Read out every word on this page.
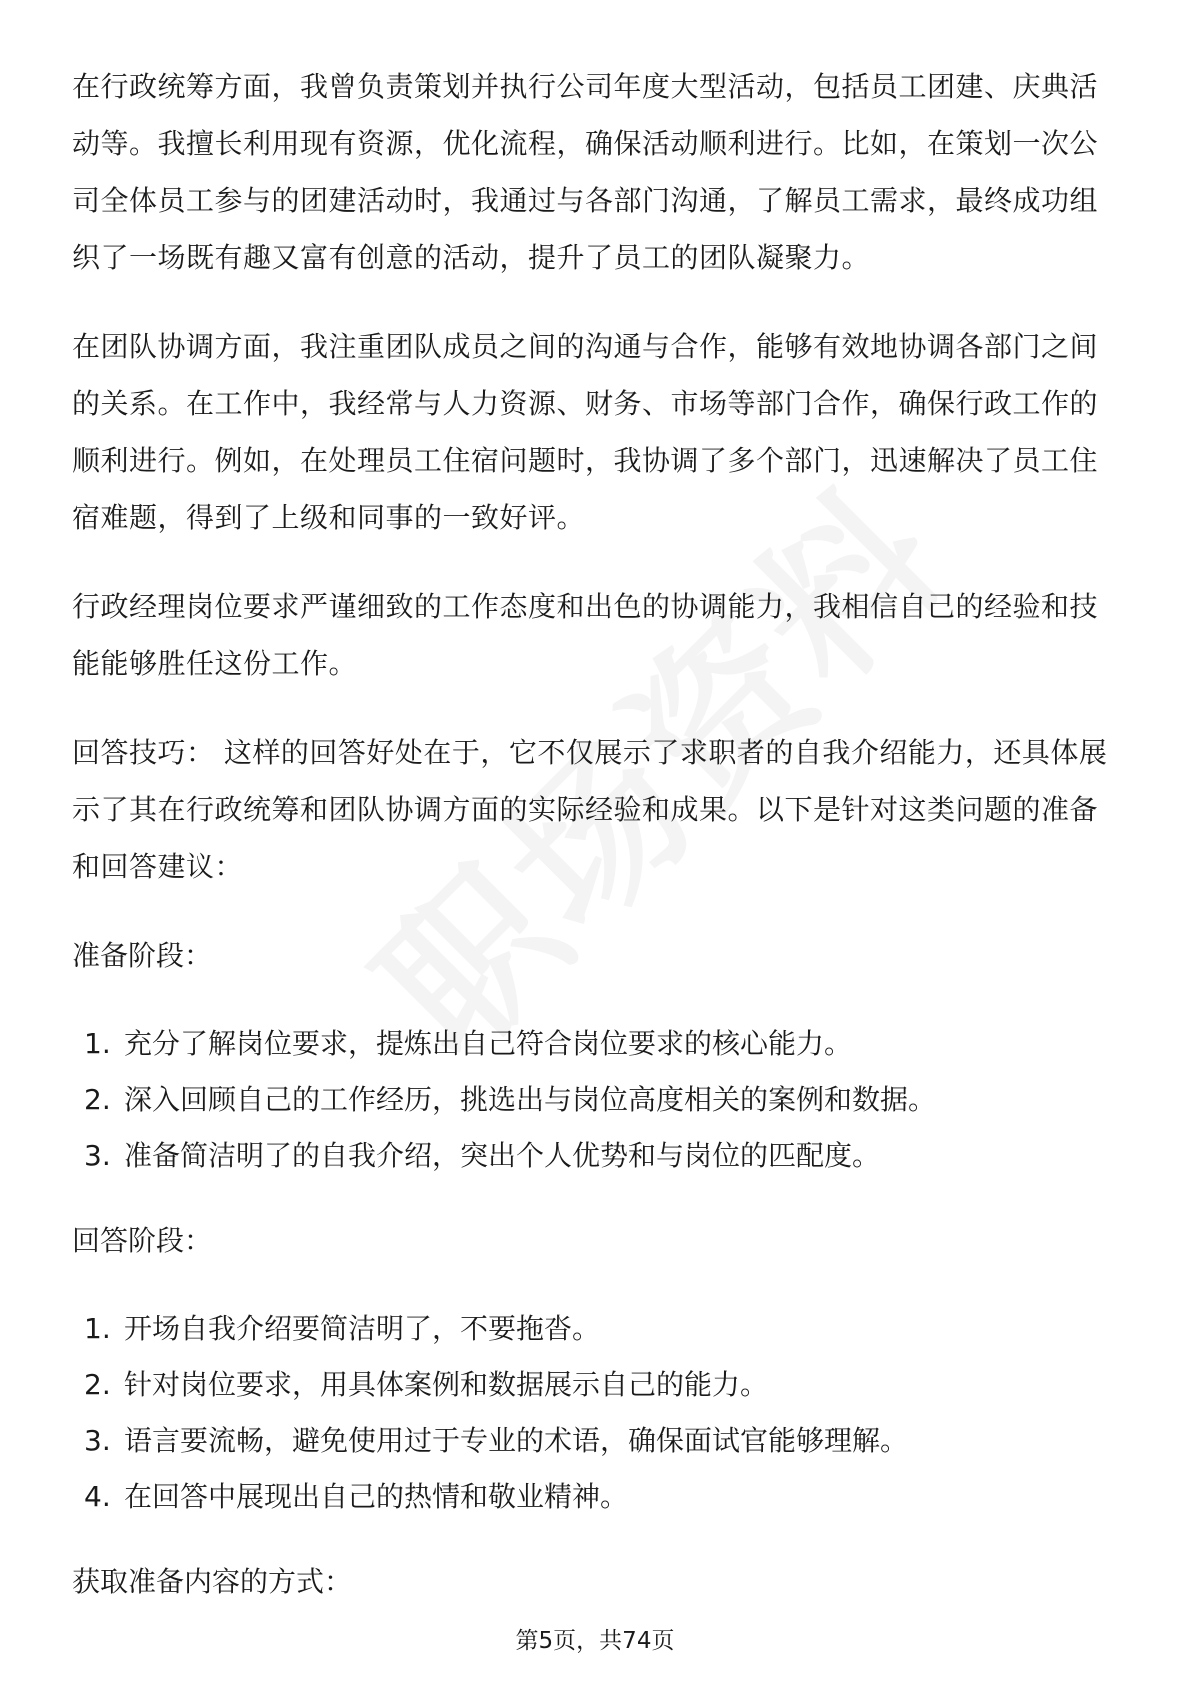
在行政统筹方面，我曾负责策划并执行公司年度大型活动，包括员工团建、庆典活动等。我擅长利用现有资源，优化流程，确保活动顺利进行。比如，在策划一次公司全体员工参与的团建活动时，我通过与各部门沟通，了解员工需求，最终成功组织了一场既有趣又富有创意的活动，提升了员工的团队凝聚力。

在团队协调方面，我注重团队成员之间的沟通与合作，能够有效地协调各部门之间的关系。在工作中，我经常与人力资源、财务、市场等部门合作，确保行政工作的顺利进行。例如，在处理员工住宿问题时，我协调了多个部门，迅速解决了员工住宿难题，得到了上级和同事的一致好评。

行政经理岗位要求严谨细致的工作态度和出色的协调能力，我相信自己的经验和技能能够胜任这份工作。

回答技巧： 这样的回答好处在于，它不仅展示了求职者的自我介绍能力，还具体展示了其在行政统筹和团队协调方面的实际经验和成果。以下是针对这类问题的准备和回答建议：

准备阶段：

1. 充分了解岗位要求，提炼出自己符合岗位要求的核心能力。
2. 深入回顾自己的工作经历，挑选出与岗位高度相关的案例和数据。
3. 准备简洁明了的自我介绍，突出个人优势和与岗位的匹配度。

回答阶段：

1. 开场自我介绍要简洁明了，不要拖沓。
2. 针对岗位要求，用具体案例和数据展示自己的能力。
3. 语言要流畅，避免使用过于专业的术语，确保面试官能够理解。
4. 在回答中展现出自己的热情和敬业精神。

获取准备内容的方式：

第5页，共74页
